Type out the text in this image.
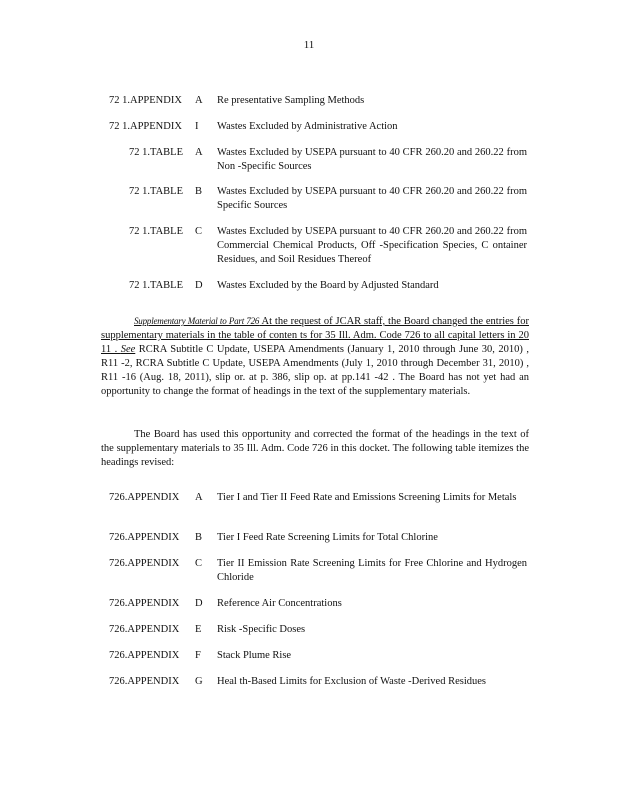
11
72 1.APPENDIX	A	Re presentative Sampling Methods
72 1.APPENDIX	I	Wastes Excluded by Administrative Action
72 1.TABLE	A	Wastes Excluded by USEPA pursuant to 40 CFR 260.20 and 260.22 from Non -Specific Sources
72 1.TABLE	B	Wastes Excluded by USEPA pursuant to 40 CFR 260.20 and 260.22 from Specific Sources
72 1.TABLE	C	Wastes Excluded by USEPA pursuant to 40 CFR 260.20 and 260.22 from Commercial Chemical Products, Off -Specification Species, C ontainer Residues, and Soil Residues Thereof
72 1.TABLE	D	Wastes Excluded by the Board by Adjusted Standard
Supplementary Material to Part 726 At the request of JCAR staff, the Board changed the entries for supplementary materials in the table of conten ts for 35 Ill. Adm. Code 726 to all capital letters in 20 11 . See RCRA Subtitle C Update, USEPA Amendments (January 1, 2010 through June 30, 2010) , R11 -2, RCRA Subtitle C Update, USEPA Amendments (July 1, 2010 through December 31, 2010) , R11 -16 (Aug. 18, 2011), slip or. at p. 386, slip op. at pp.141 -42 . The Board has not yet had an opportunity to change the format of headings in the text of the supplementary materials.
The Board has used this opportunity and corrected the format of the headings in the text of the supplementary materials to 35 Ill. Adm. Code 726 in this docket. The following table itemizes the headings revised:
726.APPENDIX	A	Tier I and Tier II Feed Rate and Emissions Screening Limits for Metals
726.APPENDIX	B	Tier I Feed Rate Screening Limits for Total Chlorine
726.APPENDIX	C	Tier II Emission Rate Screening Limits for Free Chlorine and Hydrogen Chloride
726.APPENDIX	D	Reference Air Concentrations
726.APPENDIX	E	Risk -Specific Doses
726.APPENDIX	F	Stack Plume Rise
726.APPENDIX	G	Heal th-Based Limits for Exclusion of Waste -Derived Residues
